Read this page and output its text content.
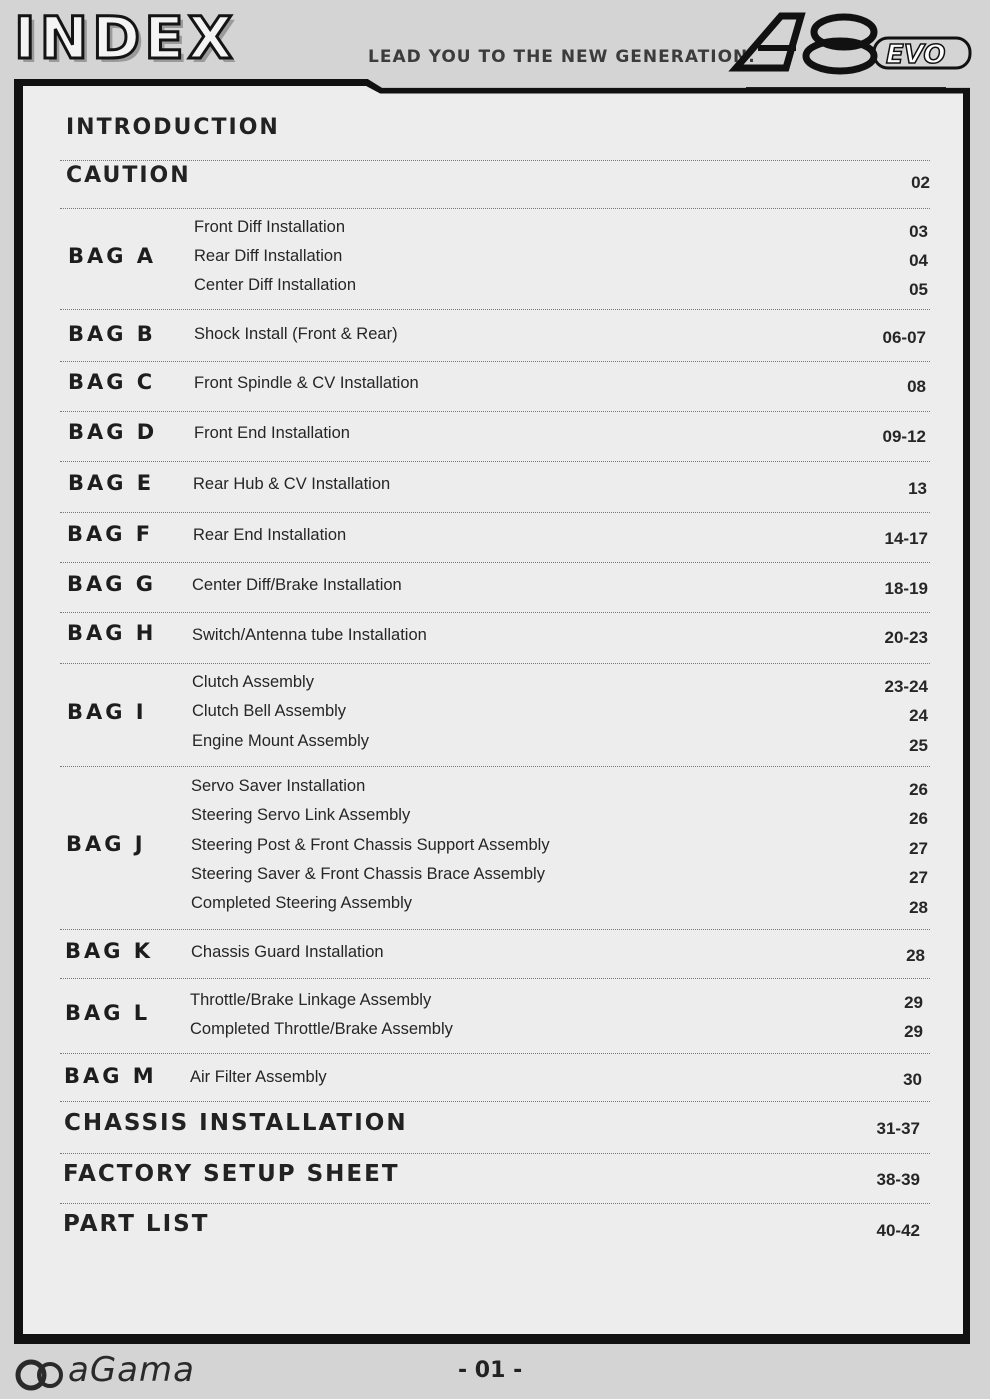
INDEX	LEAD YOU TO THE NEW GENERATION.	EVO
INTRODUCTION
CAUTION	02
BAG A
Front Diff Installation	03
Rear Diff Installation	04
Center Diff Installation	05
BAG B Shock Install (Front & Rear)	06-07
BAG C Front Spindle & CV Installation	08
BAG D Front End Installation	09-12
BAG E Rear Hub & CV Installation	13
BAG F Rear End Installation	14-17
BAG G Center Diff/Brake Installation	18-19
BAG H Switch/Antenna tube Installation	20-23
BAG I
Clutch Assembly	23-24
Clutch Bell Assembly	24
Engine Mount Assembly	25
BAG J
Servo Saver Installation	26
Steering Servo Link Assembly	26
Steering Post & Front Chassis Support Assembly	27
Steering Saver & Front Chassis Brace Assembly	27
Completed Steering Assembly	28
BAG K Chassis Guard Installation	28
BAG L
Throttle/Brake Linkage Assembly	29
Completed Throttle/Brake Assembly	29
BAG M Air Filter Assembly	30
CHASSIS INSTALLATION	31-37
FACTORY SETUP SHEET	38-39
PART LIST	40-42
aGama	- 01 -
